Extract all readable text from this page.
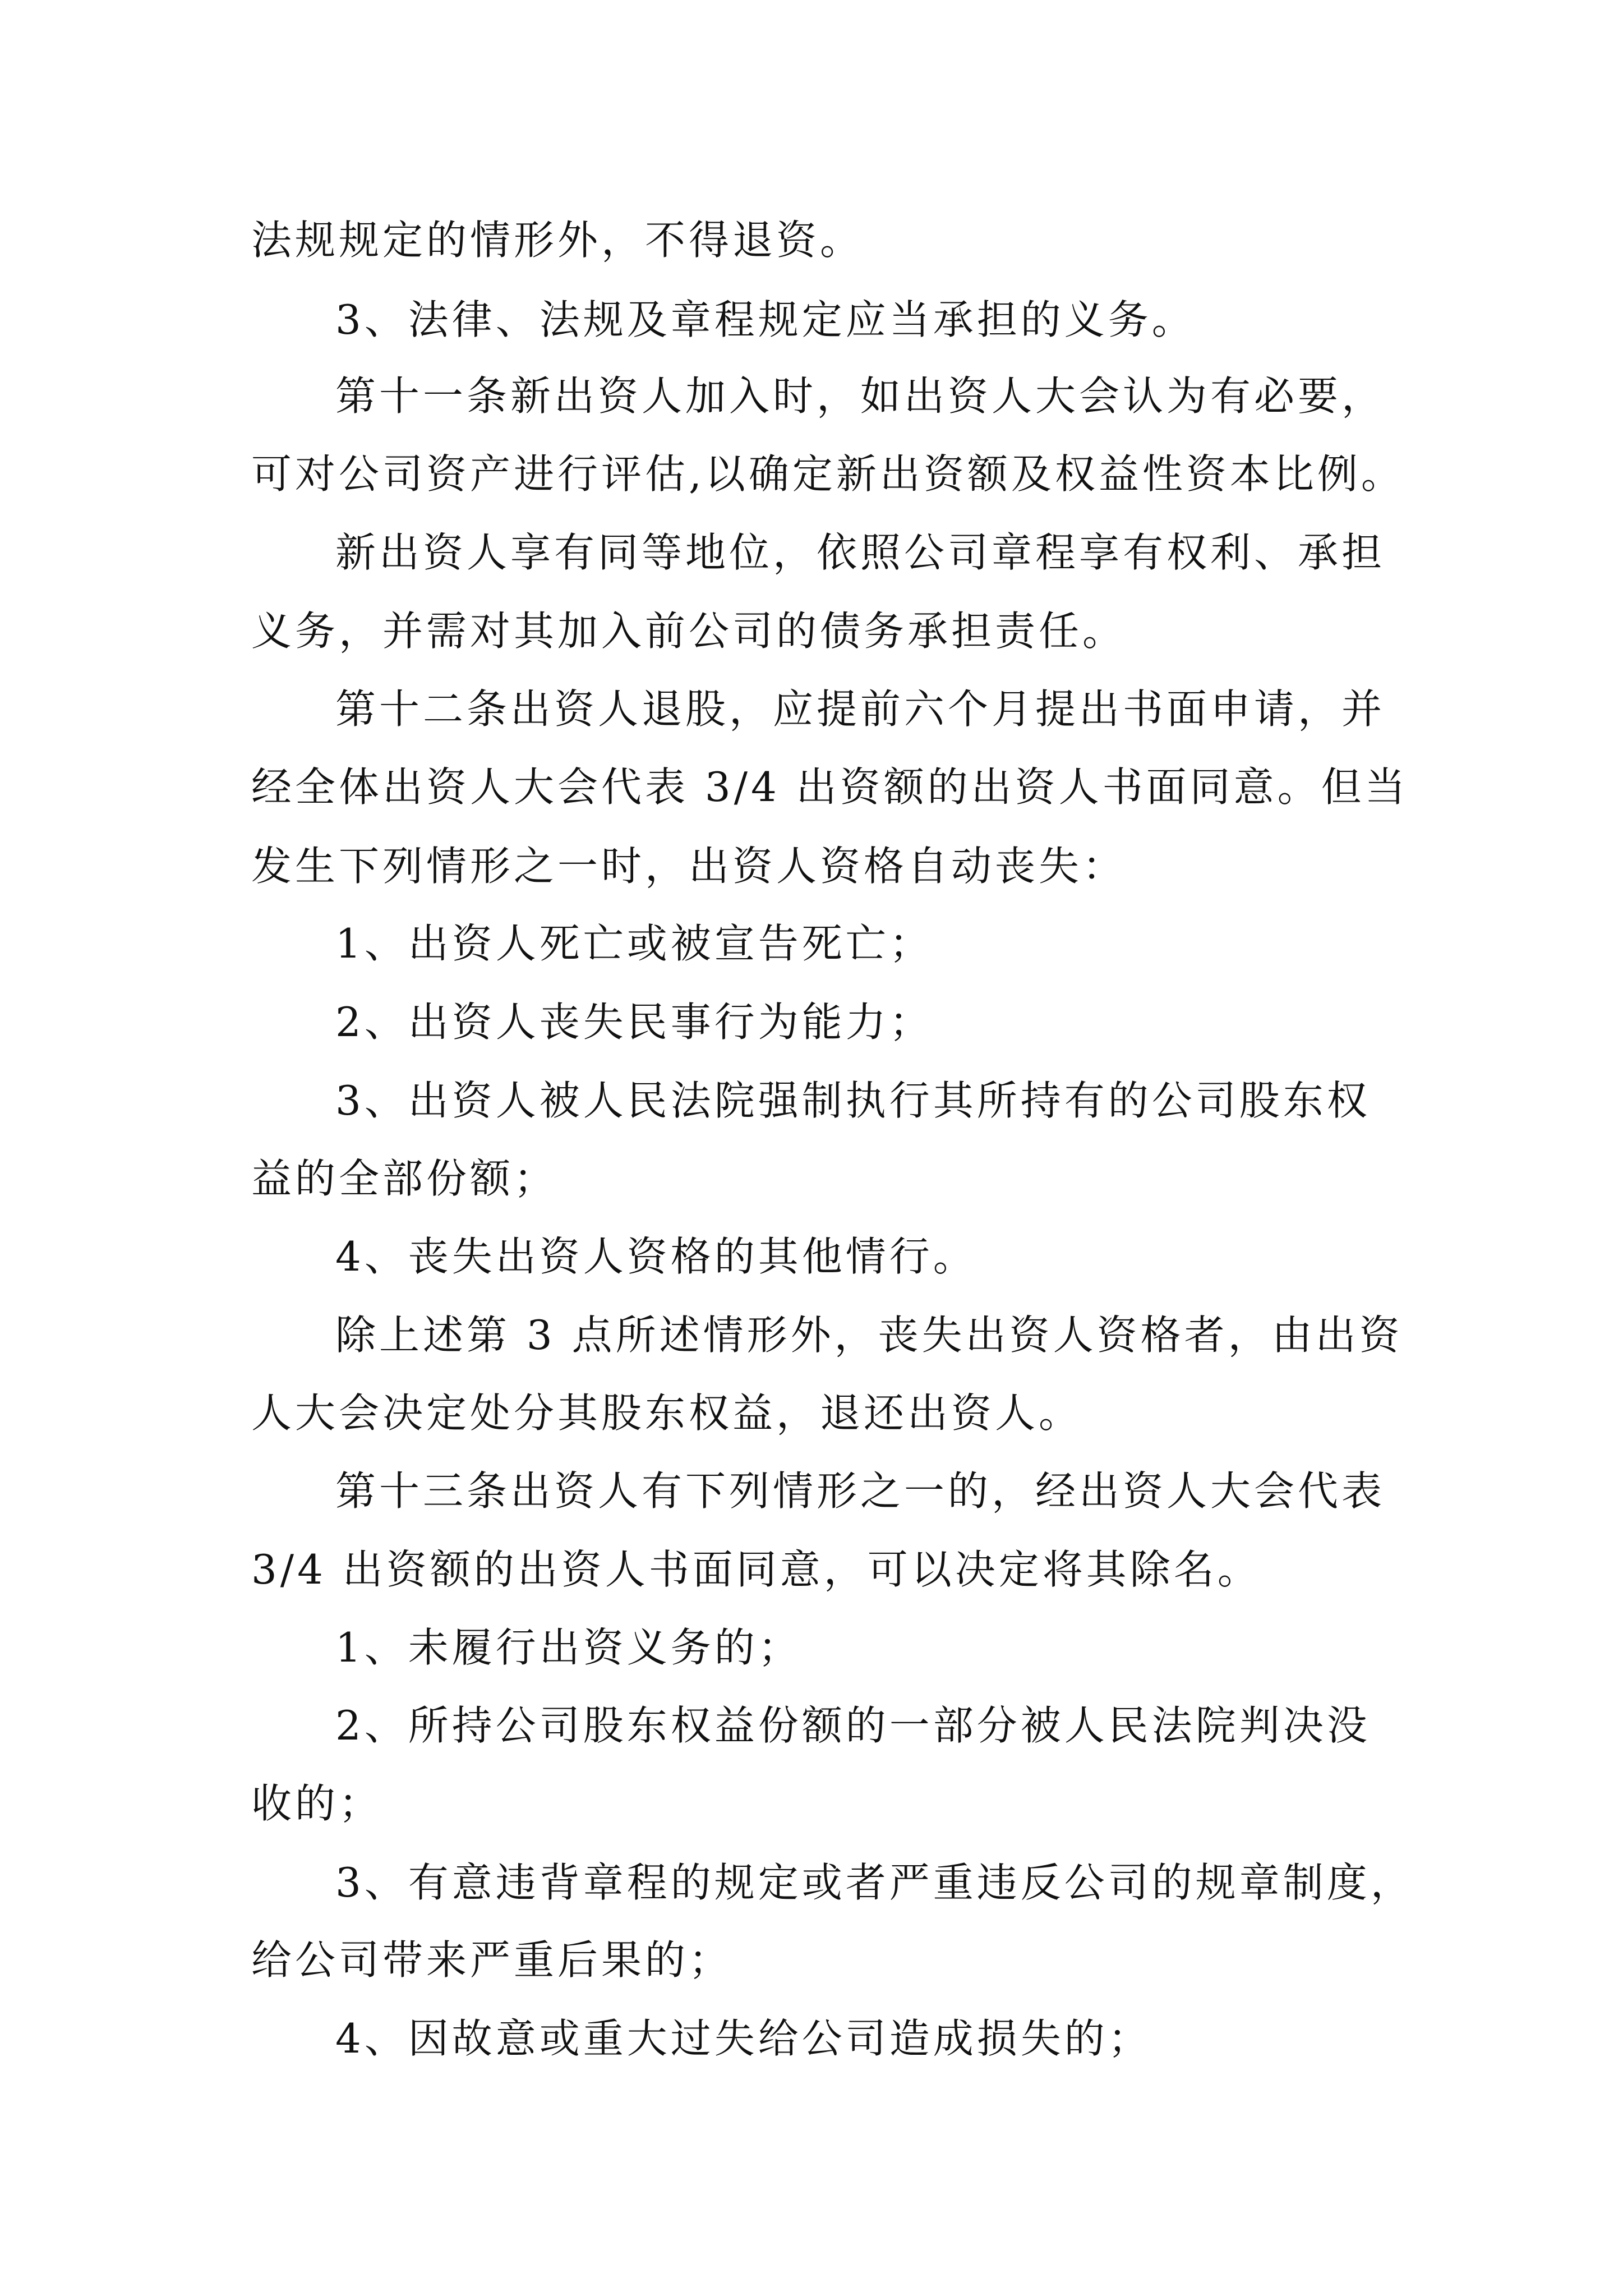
法规规定的情形外，不得退资。
3、法律、法规及章程规定应当承担的义务。
第十一条新出资人加入时，如出资人大会认为有必要，
可对公司资产进行评估,以确定新出资额及权益性资本比例。
新出资人享有同等地位，依照公司章程享有权利、承担
义务，并需对其加入前公司的债务承担责任。
第十二条出资人退股，应提前六个月提出书面申请，并
经全体出资人大会代表 3/4 出资额的出资人书面同意。但当
发生下列情形之一时，出资人资格自动丧失：
1、出资人死亡或被宣告死亡；
2、出资人丧失民事行为能力；
3、出资人被人民法院强制执行其所持有的公司股东权
益的全部份额；
4、丧失出资人资格的其他情行。
除上述第 3 点所述情形外，丧失出资人资格者，由出资
人大会决定处分其股东权益，退还出资人。
第十三条出资人有下列情形之一的，经出资人大会代表
3/4 出资额的出资人书面同意，可以决定将其除名。
1、未履行出资义务的；
2、所持公司股东权益份额的一部分被人民法院判决没
收的；
3、有意违背章程的规定或者严重违反公司的规章制度，
给公司带来严重后果的；
4、因故意或重大过失给公司造成损失的；
